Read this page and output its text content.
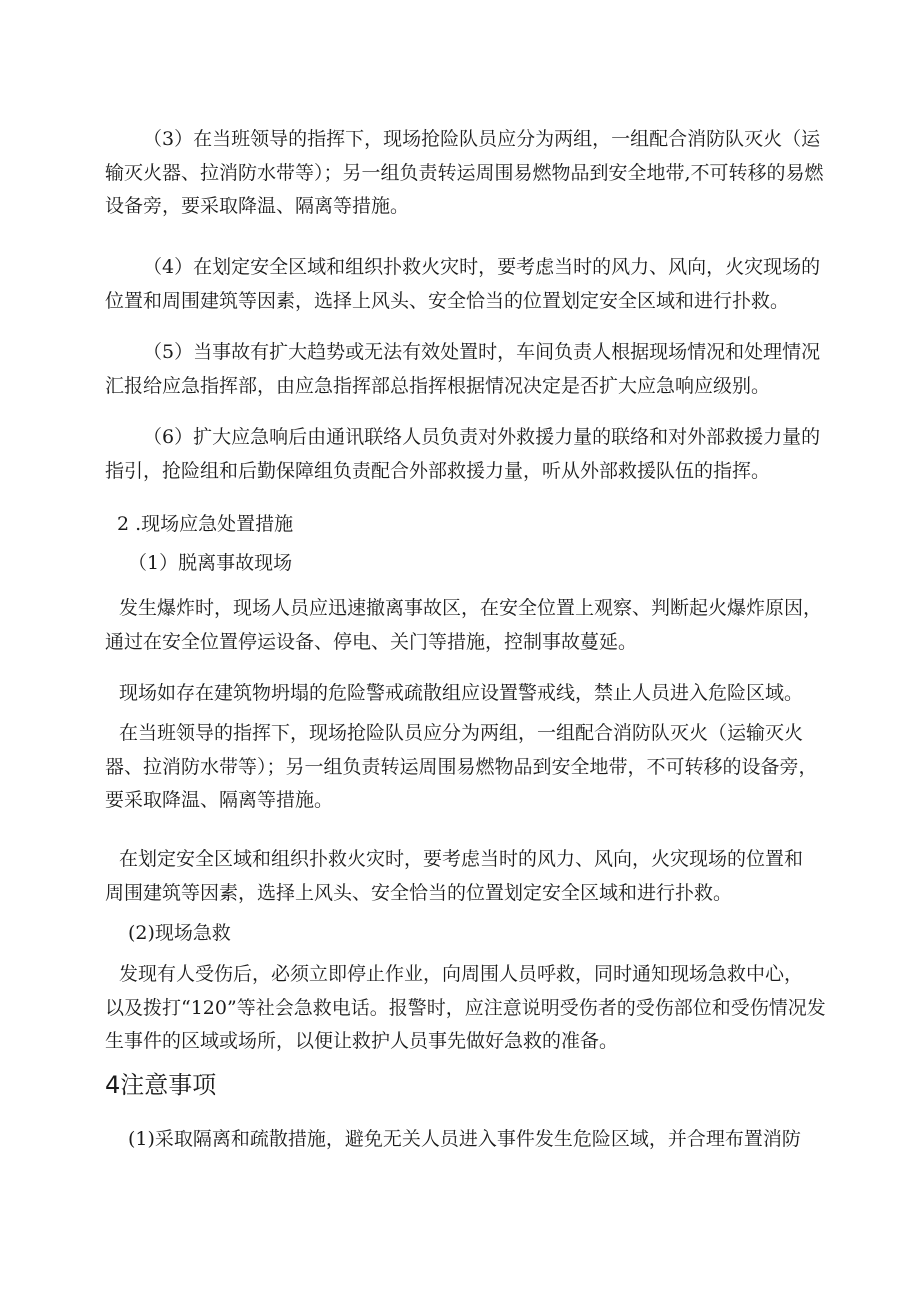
（3）在当班领导的指挥下，现场抢险队员应分为两组，一组配合消防队灭火（运

输灭火器、拉消防水带等）；另一组负责转运周围易燃物品到安全地带,不可转移的易燃

设备旁，要采取降温、隔离等措施。

（4）在划定安全区域和组织扑救火灾时，要考虑当时的风力、风向，火灾现场的

位置和周围建筑等因素，选择上风头、安全恰当的位置划定安全区域和进行扑救。

（5）当事故有扩大趋势或无法有效处置时，车间负责人根据现场情况和处理情况

汇报给应急指挥部，由应急指挥部总指挥根据情况决定是否扩大应急响应级别。

（6）扩大应急响后由通讯联络人员负责对外救援力量的联络和对外部救援力量的

指引，抢险组和后勤保障组负责配合外部救援力量，听从外部救援队伍的指挥。

2 .现场应急处置措施
（1）脱离事故现场

发生爆炸时，现场人员应迅速撤离事故区，在安全位置上观察、判断起火爆炸原因，

通过在安全位置停运设备、停电、关门等措施，控制事故蔓延。

现场如存在建筑物坍塌的危险警戒疏散组应设置警戒线，禁止人员进入危险区域。

在当班领导的指挥下，现场抢险队员应分为两组，一组配合消防队灭火（运输灭火

器、拉消防水带等）；另一组负责转运周围易燃物品到安全地带，不可转移的设备旁，

要采取降温、隔离等措施。

在划定安全区域和组织扑救火灾时，要考虑当时的风力、风向，火灾现场的位置和

周围建筑等因素，选择上风头、安全恰当的位置划定安全区域和进行扑救。

(2)现场急救

发现有人受伤后，必须立即停止作业，向周围人员呼救，同时通知现场急救中心，

以及拨打“120”等社会急救电话。报警时，应注意说明受伤者的受伤部位和受伤情况发

生事件的区域或场所，以便让救护人员事先做好急救的准备。

4注意事项
(1)采取隔离和疏散措施，避免无关人员进入事件发生危险区域，并合理布置消防
